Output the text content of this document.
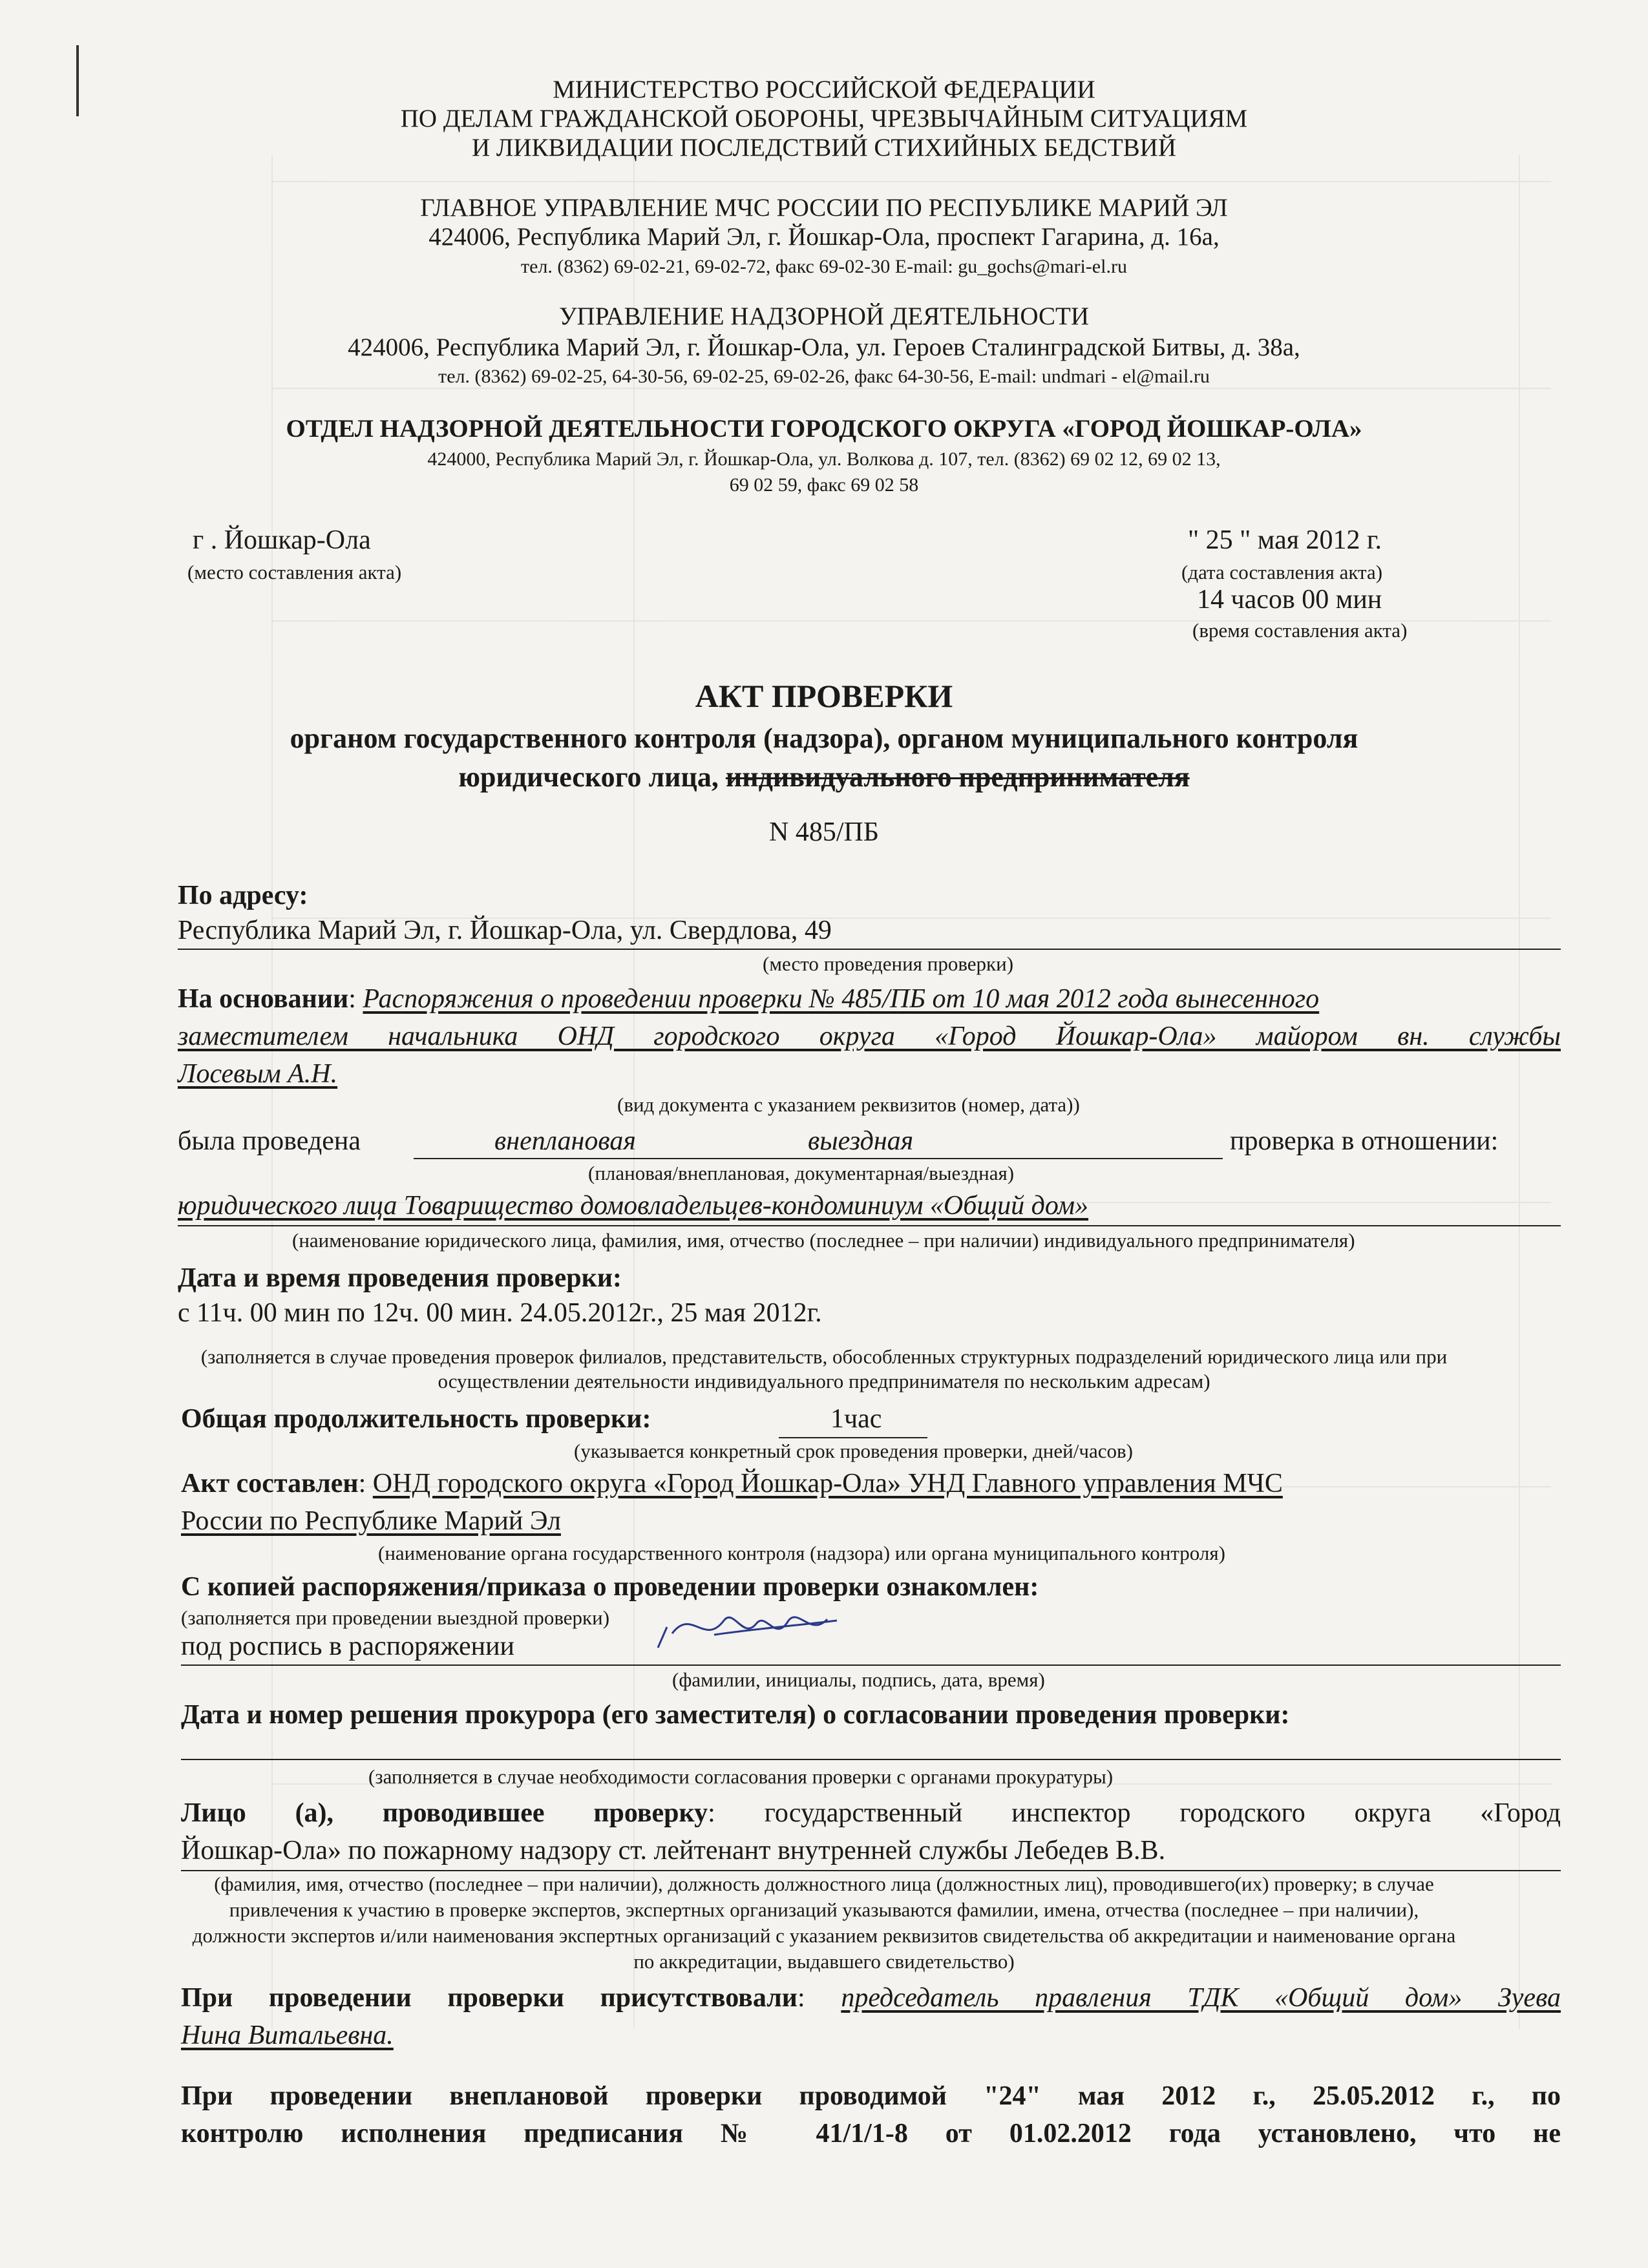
МИНИСТЕРСТВО РОССИЙСКОЙ ФЕДЕРАЦИИ
ПО ДЕЛАМ ГРАЖДАНСКОЙ ОБОРОНЫ, ЧРЕЗВЫЧАЙНЫМ СИТУАЦИЯМ
И ЛИКВИДАЦИИ ПОСЛЕДСТВИЙ СТИХИЙНЫХ БЕДСТВИЙ
ГЛАВНОЕ УПРАВЛЕНИЕ МЧС РОССИИ ПО РЕСПУБЛИКЕ МАРИЙ ЭЛ
424006, Республика Марий Эл, г. Йошкар-Ола, проспект Гагарина, д. 16а,
тел. (8362) 69-02-21, 69-02-72, факс 69-02-30 E-mail: gu_gochs@mari-el.ru
УПРАВЛЕНИЕ НАДЗОРНОЙ ДЕЯТЕЛЬНОСТИ
424006, Республика Марий Эл, г. Йошкар-Ола, ул. Героев Сталинградской Битвы, д. 38а,
тел. (8362) 69-02-25, 64-30-56, 69-02-25, 69-02-26, факс 64-30-56, E-mail: undmari - el@mail.ru
ОТДЕЛ НАДЗОРНОЙ ДЕЯТЕЛЬНОСТИ ГОРОДСКОГО ОКРУГА «ГОРОД ЙОШКАР-ОЛА»
424000, Республика Марий Эл, г. Йошкар-Ола, ул. Волкова д. 107, тел. (8362) 69 02 12, 69 02 13,
69 02 59, факс 69 02 58
г . Йошкар-Ола
(место составления акта)
" 25 " мая 2012 г.
(дата составления акта)
14 часов 00 мин
(время составления акта)
АКТ ПРОВЕРКИ
органом государственного контроля (надзора), органом муниципального контроля
юридического лица, индивидуального предпринимателя
N 485/ПБ
По адресу:
Республика Марий Эл, г. Йошкар-Ола, ул. Свердлова, 49
(место проведения проверки)
На основании: Распоряжения о проведении проверки № 485/ПБ от 10 мая 2012 года вынесенного
заместителем начальника ОНД городского округа «Город Йошкар-Ола» майором вн. службы
Лосевым А.Н.
(вид документа с указанием реквизитов (номер, дата))
была проведена	внеплановая	выездная	проверка в отношении:
(плановая/внеплановая, документарная/выездная)
юридического лица Товарищество домовладельцев-кондоминиум «Общий дом»
(наименование юридического лица, фамилия, имя, отчество (последнее – при наличии) индивидуального предпринимателя)
Дата и время проведения проверки:
с 11ч. 00 мин по 12ч. 00 мин. 24.05.2012г., 25 мая 2012г.
(заполняется в случае проведения проверок филиалов, представительств, обособленных структурных подразделений юридического лица или при
осуществлении деятельности индивидуального предпринимателя по нескольким адресам)
Общая продолжительность проверки:	1час
(указывается конкретный срок проведения проверки, дней/часов)
Акт составлен: ОНД городского округа «Город Йошкар-Ола» УНД Главного управления МЧС
России по Республике Марий Эл
(наименование органа государственного контроля (надзора) или органа муниципального контроля)
С копией распоряжения/приказа о проведении проверки ознакомлен:
(заполняется при проведении выездной проверки)
под роспись в распоряжении
(фамилии, инициалы, подпись, дата, время)
Дата и номер решения прокурора (его заместителя) о согласовании проведения проверки:
(заполняется в случае необходимости согласования проверки с органами прокуратуры)
Лицо (а), проводившее проверку: государственный инспектор городского округа «Город
Йошкар-Ола» по пожарному надзору ст. лейтенант внутренней службы Лебедев В.В.
(фамилия, имя, отчество (последнее – при наличии), должность должностного лица (должностных лиц), проводившего(их) проверку; в случае
привлечения к участию в проверке экспертов, экспертных организаций указываются фамилии, имена, отчества (последнее – при наличии),
должности экспертов и/или наименования экспертных организаций с указанием реквизитов свидетельства об аккредитации и наименование органа
по аккредитации, выдавшего свидетельство)
При проведении проверки присутствовали: председатель правления ТДК «Общий дом» Зуева
Нина Витальевна.
При проведении внеплановой проверки проводимой "24" мая 2012 г., 25.05.2012 г., по
контролю исполнения предписания № 41/1/1-8 от 01.02.2012 года установлено, что не
